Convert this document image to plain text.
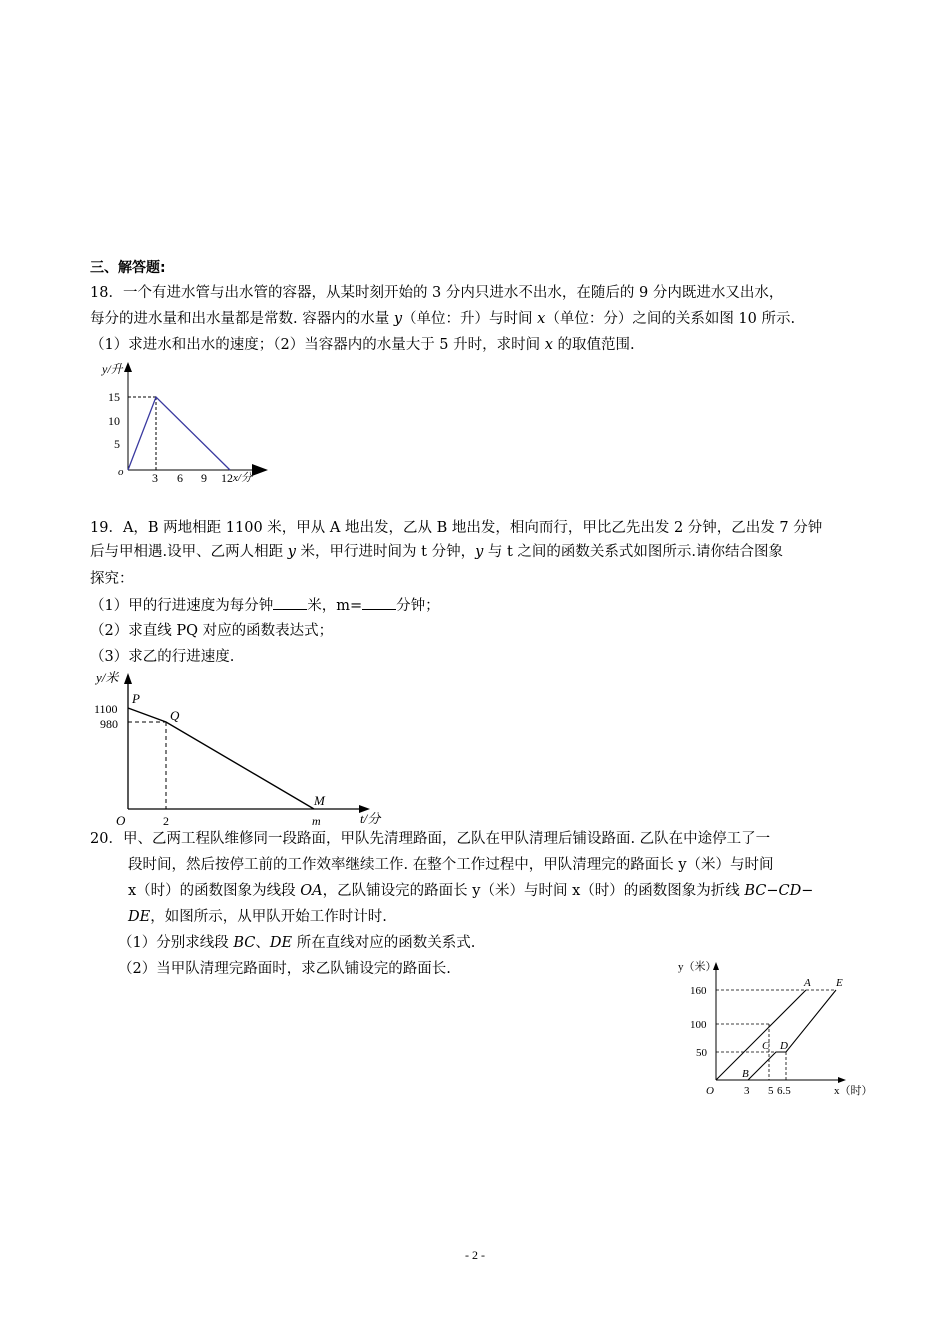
三、解答题:
18．一个有进水管与出水管的容器，从某时刻开始的 3 分内只进水不出水，在随后的 9 分内既进水又出水，
每分的进水量和出水量都是常数. 容器内的水量 y（单位：升）与时间 x（单位：分）之间的关系如图 10 所示.
（1）求进水和出水的速度；（2）当容器内的水量大于 5 升时，求时间 x 的取值范围.
y/升
x/分
15
10
5
o 3 6 9 12
19．A，B 两地相距 1100 米，甲从 A 地出发，乙从 B 地出发，相向而行，甲比乙先出发 2 分钟，乙出发 7 分钟
后与甲相遇.设甲、乙两人相距 y 米，甲行进时间为 t 分钟，y 与 t 之间的函数关系式如图所示.请你结合图象
探究：
（1）甲的行进速度为每分钟 米，m= 分钟；
（2）求直线 PQ 对应的函数表达式；
（3）求乙的行进速度.
y/米
t/分
1100
980
O	2	m
P
Q
M
20．甲、乙两工程队维修同一段路面，甲队先清理路面，乙队在甲队清理后铺设路面. 乙队在中途停工了一
段时间，然后按停工前的工作效率继续工作. 在整个工作过程中，甲队清理完的路面长 y（米）与时间
x（时）的函数图象为线段 OA，乙队铺设完的路面长 y（米）与时间 x（时）的函数图象为折线 BC−CD−
DE，如图所示，从甲队开始工作时计时.
（1）分别求线段 BC、DE 所在直线对应的函数关系式.
（2）当甲队清理完路面时，求乙队铺设完的路面长.	y（米）
x（时）
160
100
50
O	3 5 6.5
A E
C D
B
- 2 -
